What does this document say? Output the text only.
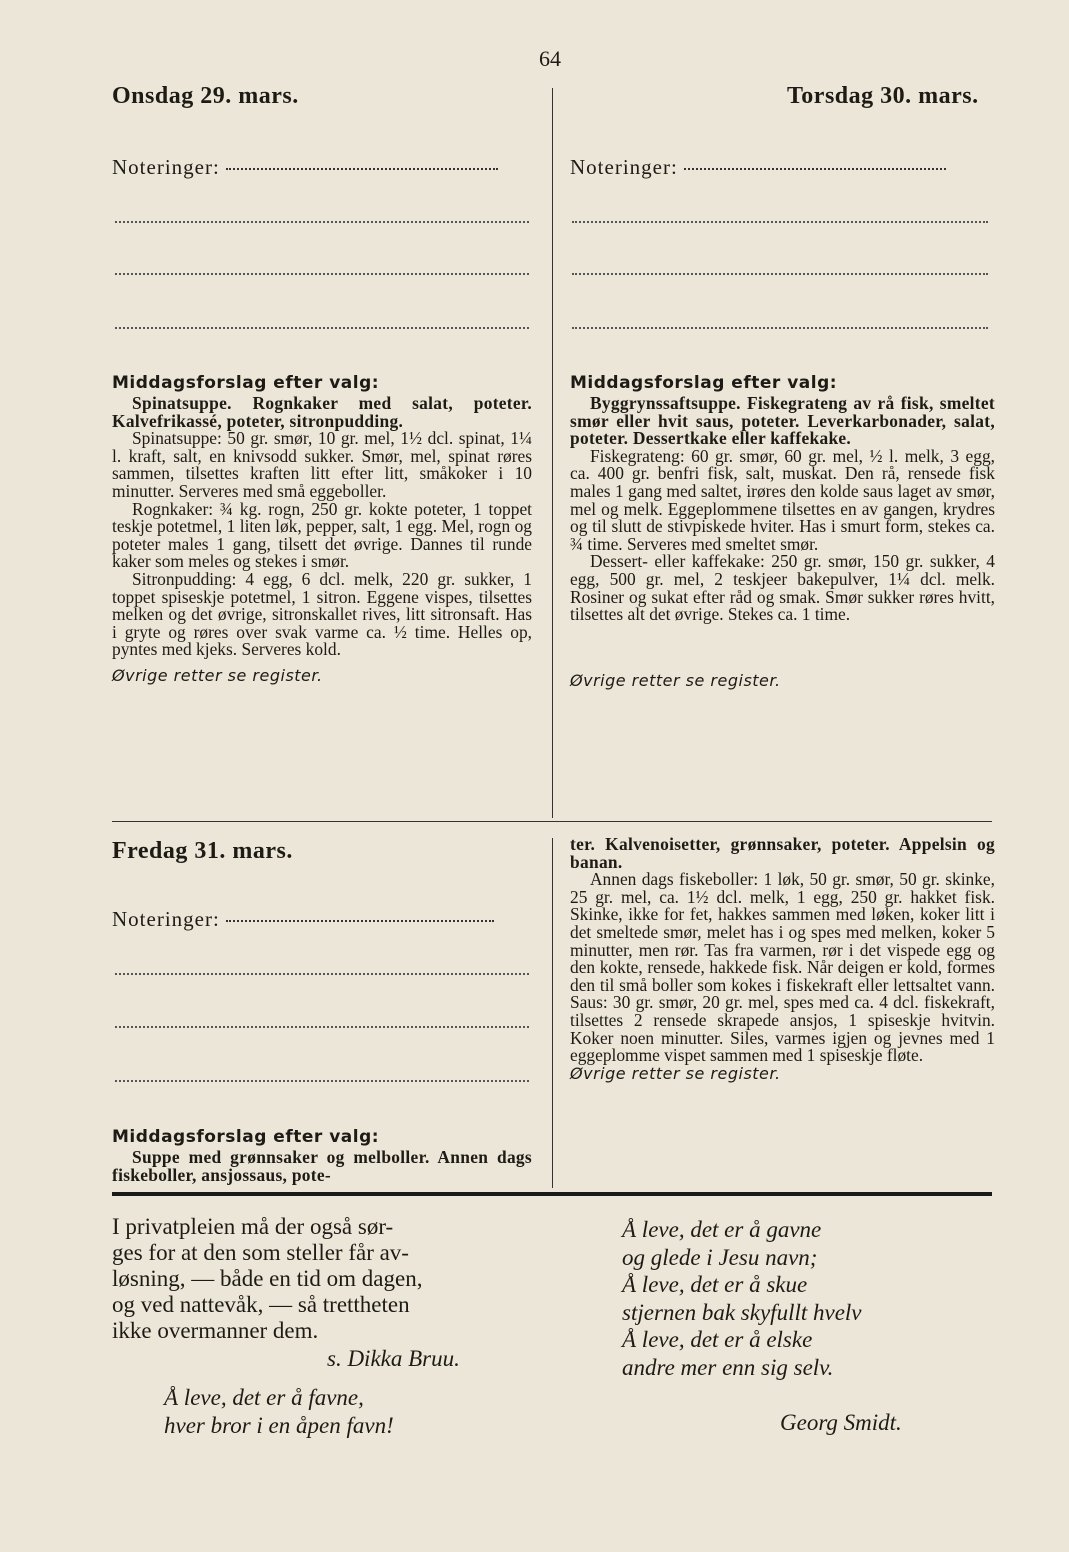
64
Onsdag 29. mars.
Noteringer:
Middagsforslag efter valg:

Spinatsuppe. Rognkaker med salat, poteter. Kalvefrikassé, poteter, sitronpudding.

Spinatsuppe: 50 gr. smør, 10 gr. mel, 1½ dcl. spinat, 1¼ l. kraft, salt, en knivsodd sukker. Smør, mel, spinat røres sammen, tilsettes kraften litt efter litt, småkoker i 10 minutter. Serveres med små eggeboller.

Rognkaker: ¾ kg. rogn, 250 gr. kokte poteter, 1 toppet teskje potetmel, 1 liten løk, pepper, salt, 1 egg. Mel, rogn og poteter males 1 gang, tilsett det øvrige. Dannes til runde kaker som meles og stekes i smør.

Sitronpudding: 4 egg, 6 dcl. melk, 220 gr. sukker, 1 toppet spiseskje potetmel, 1 sitron. Eggene vispes, tilsettes melken og det øvrige, sitronskallet rives, litt sitronsaft. Has i gryte og røres over svak varme ca. ½ time. Helles op, pyntes med kjeks. Serveres kold.

Øvrige retter se register.

Torsdag 30. mars.
Noteringer:
Middagsforslag efter valg:

Byggrynssaftsuppe. Fiskegrateng av rå fisk, smeltet smør eller hvit saus, poteter. Leverkarbonader, salat, poteter. Dessertkake eller kaffekake.

Fiskegrateng: 60 gr. smør, 60 gr. mel, ½ l. melk, 3 egg, ca. 400 gr. benfri fisk, salt, muskat. Den rå, rensede fisk males 1 gang med saltet, irøres den kolde saus laget av smør, mel og melk. Eggeplommene tilsettes en av gangen, krydres og til slutt de stivpiskede hviter. Has i smurt form, stekes ca. ¾ time. Serveres med smeltet smør.

Dessert- eller kaffekake: 250 gr. smør, 150 gr. sukker, 4 egg, 500 gr. mel, 2 teskjeer bakepulver, 1¼ dcl. melk. Rosiner og sukat efter råd og smak. Smør sukker røres hvitt, tilsettes alt det øvrige. Stekes ca. 1 time.

Øvrige retter se register.

Fredag 31. mars.
Noteringer:
Middagsforslag efter valg:

Suppe med grønnsaker og melboller. Annen dags fiskeboller, ansjossaus, pote-

ter. Kalvenoisetter, grønnsaker, poteter. Appelsin og banan.

Annen dags fiskeboller: 1 løk, 50 gr. smør, 50 gr. skinke, 25 gr. mel, ca. 1½ dcl. melk, 1 egg, 250 gr. hakket fisk. Skinke, ikke for fet, hakkes sammen med løken, koker litt i det smeltede smør, melet has i og spes med melken, koker 5 minutter, men rør. Tas fra varmen, rør i det vispede egg og den kokte, rensede, hakkede fisk. Når deigen er kold, formes den til små boller som kokes i fiskekraft eller lettsaltet vann. Saus: 30 gr. smør, 20 gr. mel, spes med ca. 4 dcl. fiskekraft, tilsettes 2 rensede skrapede ansjos, 1 spiseskje hvitvin. Koker noen minutter. Siles, varmes igjen og jevnes med 1 eggeplomme vispet sammen med 1 spiseskje fløte.

Øvrige retter se register.

I privatpleien må der også sør-

ges for at den som steller får av-

løsning, — både en tid om dagen,

og ved nattevåk, — så trettheten

ikke overmanner dem.

s. Dikka Bruu.

Å leve, det er å favne,

hver bror i en åpen favn!

Å leve, det er å gavne

og glede i Jesu navn;

Å leve, det er å skue

stjernen bak skyfullt hvelv

Å leve, det er å elske

andre mer enn sig selv.

Georg Smidt.
